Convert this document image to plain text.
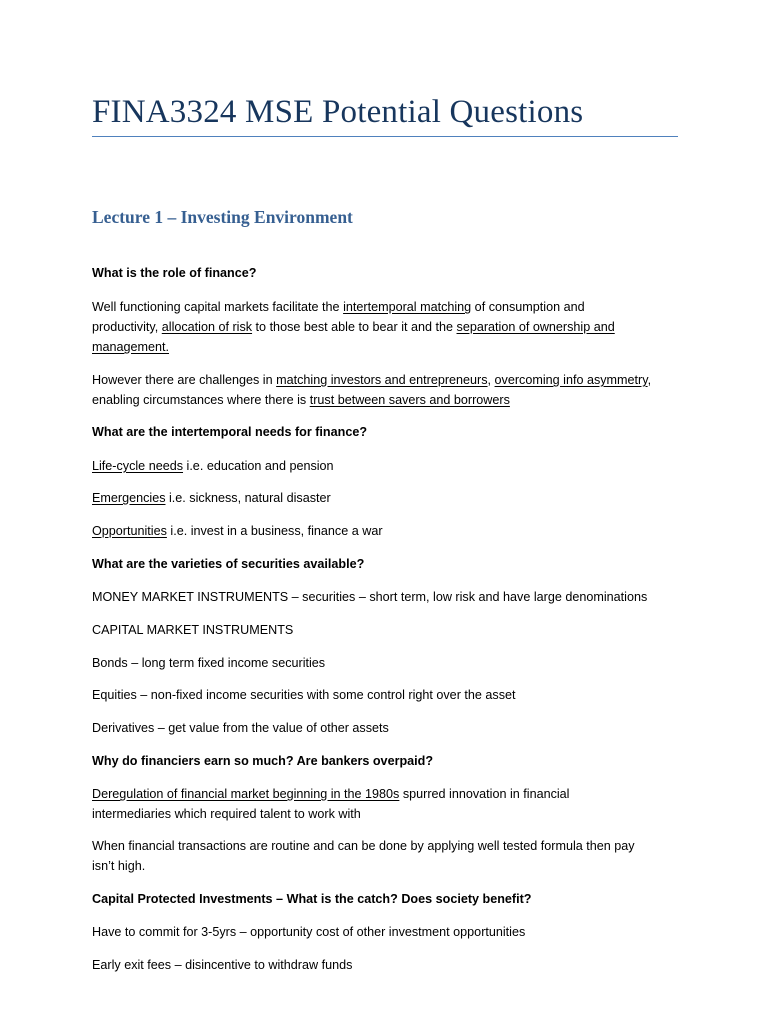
FINA3324 MSE Potential Questions
Lecture 1 – Investing Environment
What is the role of finance?
Well functioning capital markets facilitate the intertemporal matching of consumption and
productivity, allocation of risk to those best able to bear it and the separation of ownership and
management.
However there are challenges in matching investors and entrepreneurs, overcoming info asymmetry,
enabling circumstances where there is trust between savers and borrowers
What are the intertemporal needs for finance?
Life-cycle needs i.e. education and pension
Emergencies i.e. sickness, natural disaster
Opportunities i.e. invest in a business, finance a war
What are the varieties of securities available?
MONEY MARKET INSTRUMENTS – securities – short term, low risk and have large denominations
CAPITAL MARKET INSTRUMENTS
Bonds – long term fixed income securities
Equities – non-fixed income securities with some control right over the asset
Derivatives – get value from the value of other assets
Why do financiers earn so much? Are bankers overpaid?
Deregulation of financial market beginning in the 1980s spurred innovation in financial
intermediaries which required talent to work with
When financial transactions are routine and can be done by applying well tested formula then pay
isn’t high.
Capital Protected Investments – What is the catch? Does society benefit?
Have to commit for 3-5yrs – opportunity cost of other investment opportunities
Early exit fees – disincentive to withdraw funds
